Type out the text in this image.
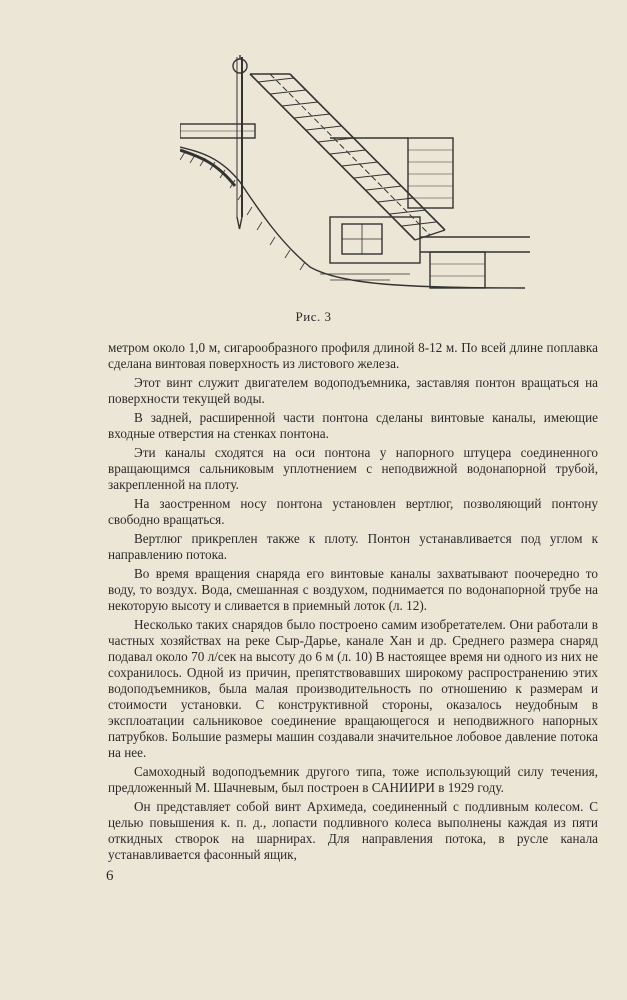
Рис. 3

метром около 1,0 м, сигарообразного профиля длиной 8-12 м. По всей длине поплавка сделана винтовая поверхность из листового железа.

Этот винт служит двигателем водоподъемника, заставляя понтон вращаться на поверхности текущей воды.

В задней, расширенной части понтона сделаны винтовые каналы, имеющие входные отверстия на стенках понтона.

Эти каналы сходятся на оси понтона у напорного штуцера соединенного вращающимся сальниковым уплотнением с неподвижной водонапорной трубой, закрепленной на плоту.

На заостренном носу понтона установлен вертлюг, позволяющий понтону свободно вращаться.

Вертлюг прикреплен также к плоту. Понтон устанавливается под углом к направлению потока.

Во время вращения снаряда его винтовые каналы захватывают поочередно то воду, то воздух. Вода, смешанная с воздухом, поднимается по водонапорной трубе на некоторую высоту и сливается в приемный лоток (л. 12).

Несколько таких снарядов было построено самим изобретателем. Они работали в частных хозяйствах на реке Сыр-Дарье, канале Хан и др. Среднего размера снаряд подавал около 70 л/сек на высоту до 6 м (л. 10) В настоящее время ни одного из них не сохранилось. Одной из причин, препятствовавших широкому распространению этих водоподъемников, была малая производительность по отношению к размерам и стоимости установки. С конструктивной стороны, оказалось неудобным в эксплоатации сальниковое соединение вращающегося и неподвижного напорных патрубков. Большие размеры машин создавали значительное лобовое давление потока на нее.

Самоходный водоподъемник другого типа, тоже использующий силу течения, предложенный М. Шачневым, был построен в САНИИРИ в 1929 году.

Он представляет собой винт Архимеда, соединенный с подливным колесом. С целью повышения к. п. д., лопасти подливного колеса выполнены каждая из пяти откидных створок на шарнирах. Для направления потока, в русле канала устанавливается фасонный ящик,

6
